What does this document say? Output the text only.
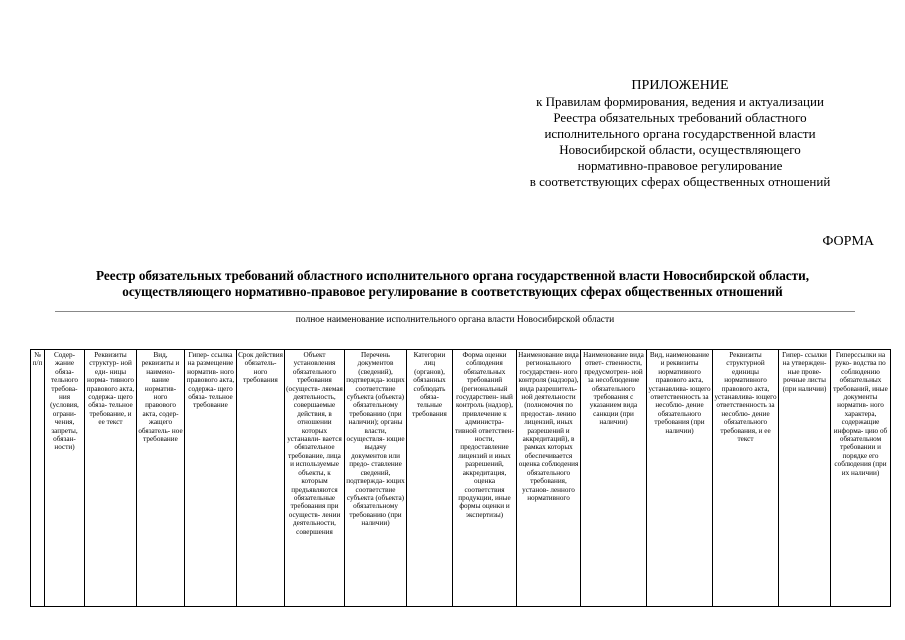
ПРИЛОЖЕНИЕ
к Правилам формирования, ведения и актуализации
Реестра обязательных требований областного
исполнительного органа государственной власти
Новосибирской области, осуществляющего
нормативно-правовое регулирование
в соответствующих сферах общественных отношений
ФОРМА
Реестр обязательных требований областного исполнительного органа государственной власти Новосибирской области,
осуществляющего нормативно-правовое регулирование в соответствующих сферах общественных отношений
полное наименование исполнительного органа власти Новосибирской области
№ п/п	Содер- жание обяза- тельного требова- ния (условия, ограни- чения, запреты, обязан- ности)	Реквизиты структур- ной еди- ницы норма- тивного правового акта, содержа- щего обяза- тельное требование, и ее текст	Вид, реквизиты и наимено- вание норматив- ного правового акта, содер- жащего обязатель- ное требование	Гипер- ссылка на размещение норматив- ного правового акта, содержа- щего обяза- тельное требование	Срок действия обязатель- ного требования	Объект установления обязательного требования (осуществ- ляемая деятельность, совершаемые действия, в отношении которых устанавли- вается обязательное требование, лица и используемые объекты, к которым предъявляются обязательные требования при осуществ- лении деятельности, совершения	Перечень документов (сведений), подтвержда- ющих соответствие субъекта (объекта) обязательному требованию (при наличии); органы власти, осуществля- ющие выдачу документов или предо- ставление сведений, подтвержда- ющих соответствие субъекта (объекта) обязательному требованию (при наличии)	Категории лиц (органов), обязанных соблюдать обяза- тельные требования	Форма оценки соблюдения обязательных требований (региональный государствен- ный контроль (надзор), привлечение к администра- тивной ответствен- ности, предоставление лицензий и иных разрешений, аккредитация, оценка соответствия продукции, иные формы оценки и экспертизы)	Наименование вида регионального государствен- ного контроля (надзора), вида разрешитель- ной деятельности (полномочия по предостав- лению лицензий, иных разрешений и аккредитаций), в рамках которых обеспечивается оценка соблюдения обязательного требования, установ- ленного нормативного	Наименование вида ответ- ственности, предусмотрен- ной за несоблюдение обязательного требования с указанием вида санкции (при наличии)	Вид, наименование и реквизиты нормативного правового акта, устанавлива- ющего ответственность за несоблю- дение обязательного требования (при наличии)	Реквизиты структурной единицы нормативного правового акта, устанавлива- ющего ответственность за несоблю- дение обязательного требования, и ее текст	Гипер- ссылки на утвержден- ные прове- рочные листы (при наличии)	Гиперссылки на руко- водства по соблюдению обязательных требований, иные документы норматив- ного характера, содержащие информа- цию об обязательном требовании и порядке его соблюдения (при их наличии)
